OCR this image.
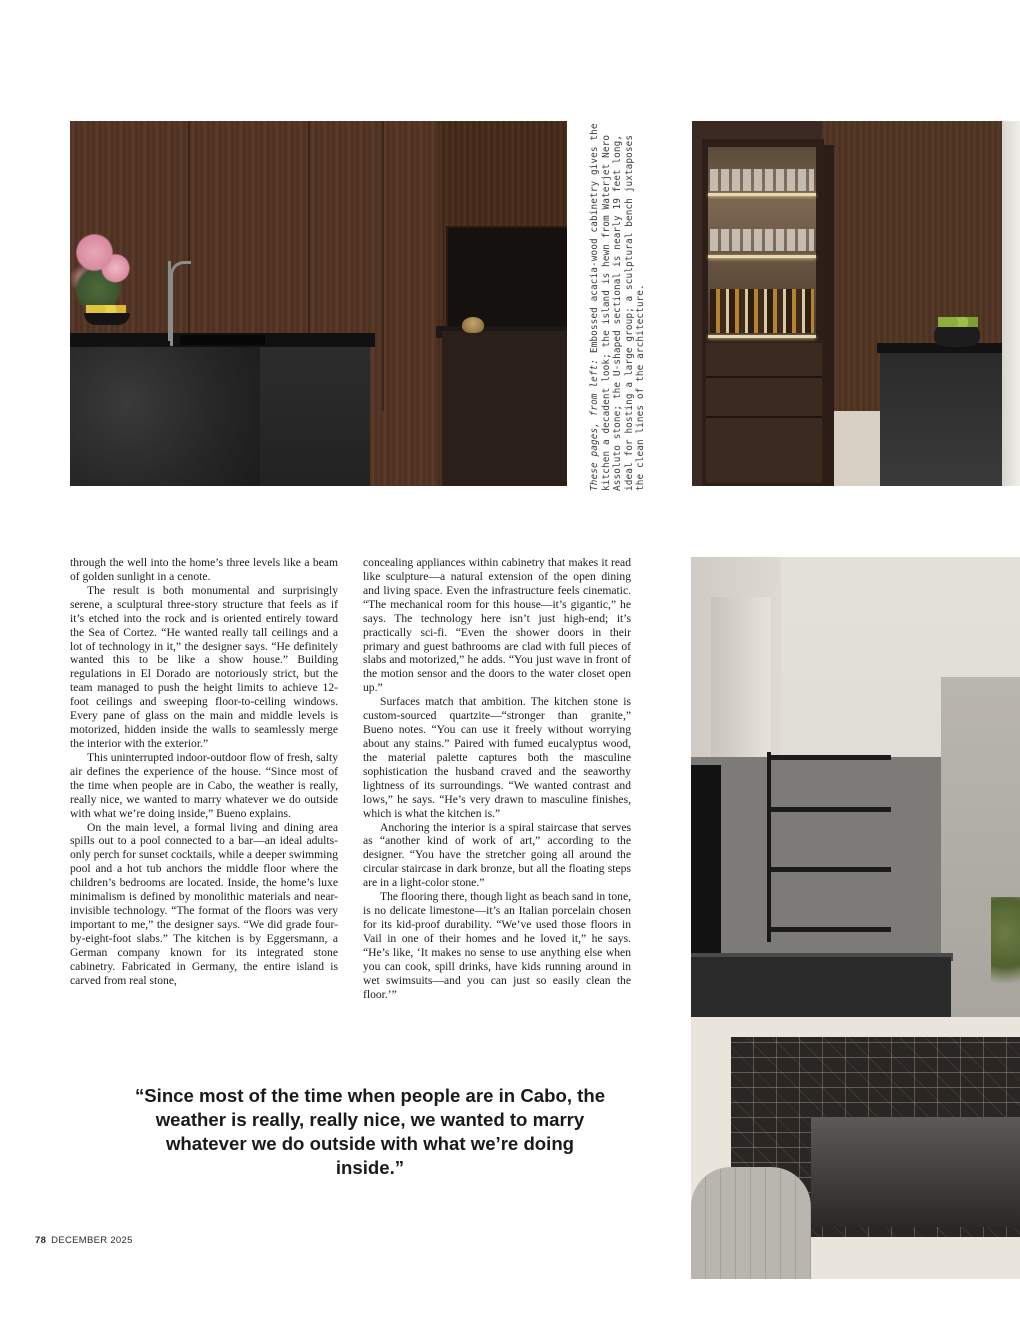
These pages, from left: Embossed acacia-wood cabinetry gives the kitchen a decadent look; the island is hewn from Waterjet Nero Assoluto stone; the U-shaped sectional is nearly 19 feet long, ideal for hosting a large group; a sculptural bench juxtaposes the clean lines of the architecture.

through the well into the home’s three levels like a beam of golden sunlight in a cenote.

The result is both monumental and surprisingly serene, a sculptural three-story structure that feels as if it’s etched into the rock and is oriented entirely toward the Sea of Cortez. “He wanted really tall ceilings and a lot of technology in it,” the designer says. “He definitely wanted this to be like a show house.” Building regulations in El Dorado are notoriously strict, but the team managed to push the height limits to achieve 12-foot ceilings and sweeping floor-to-ceiling windows. Every pane of glass on the main and middle levels is motorized, hidden inside the walls to seamlessly merge the interior with the exterior.”

This uninterrupted indoor-outdoor flow of fresh, salty air defines the experience of the house. “Since most of the time when people are in Cabo, the weather is really, really nice, we wanted to marry whatever we do outside with what we’re doing inside,” Bueno explains.

On the main level, a formal living and dining area spills out to a pool connected to a bar—an ideal adults-only perch for sunset cocktails, while a deeper swimming pool and a hot tub anchors the middle floor where the children’s bedrooms are located. Inside, the home’s luxe minimalism is defined by monolithic materials and near-invisible technology. “The format of the floors was very important to me,” the designer says. “We did grade four-by-eight-foot slabs.” The kitchen is by Eggersmann, a German company known for its integrated stone cabinetry. Fabricated in Germany, the entire island is carved from real stone,

concealing appliances within cabinetry that makes it read like sculpture—a natural extension of the open dining and living space. Even the infrastructure feels cinematic. “The mechanical room for this house—it’s gigantic,” he says. The technology here isn’t just high-end; it’s practically sci-fi. “Even the shower doors in their primary and guest bathrooms are clad with full pieces of slabs and motorized,” he adds. “You just wave in front of the motion sensor and the doors to the water closet open up.”

Surfaces match that ambition. The kitchen stone is custom-sourced quartzite—“stronger than granite,” Bueno notes. “You can use it freely without worrying about any stains.” Paired with fumed eucalyptus wood, the material palette captures both the masculine sophistication the husband craved and the seaworthy lightness of its surroundings. “We wanted contrast and lows,” he says. “He’s very drawn to masculine finishes, which is what the kitchen is.”

Anchoring the interior is a spiral staircase that serves as “another kind of work of art,” according to the designer. “You have the stretcher going all around the circular staircase in dark bronze, but all the floating steps are in a light-color stone.”

The flooring there, though light as beach sand in tone, is no delicate limestone—it’s an Italian porcelain chosen for its kid-proof durability. “We’ve used those floors in Vail in one of their homes and he loved it,” he says. “He’s like, ‘It makes no sense to use anything else when you can cook, spill drinks, have kids running around in wet swimsuits—and you can just so easily clean the floor.’”

“Since most of the time when people are in Cabo, the weather is really, really nice, we wanted to marry whatever we do outside with what we’re doing inside.”
78 DECEMBER 2025
